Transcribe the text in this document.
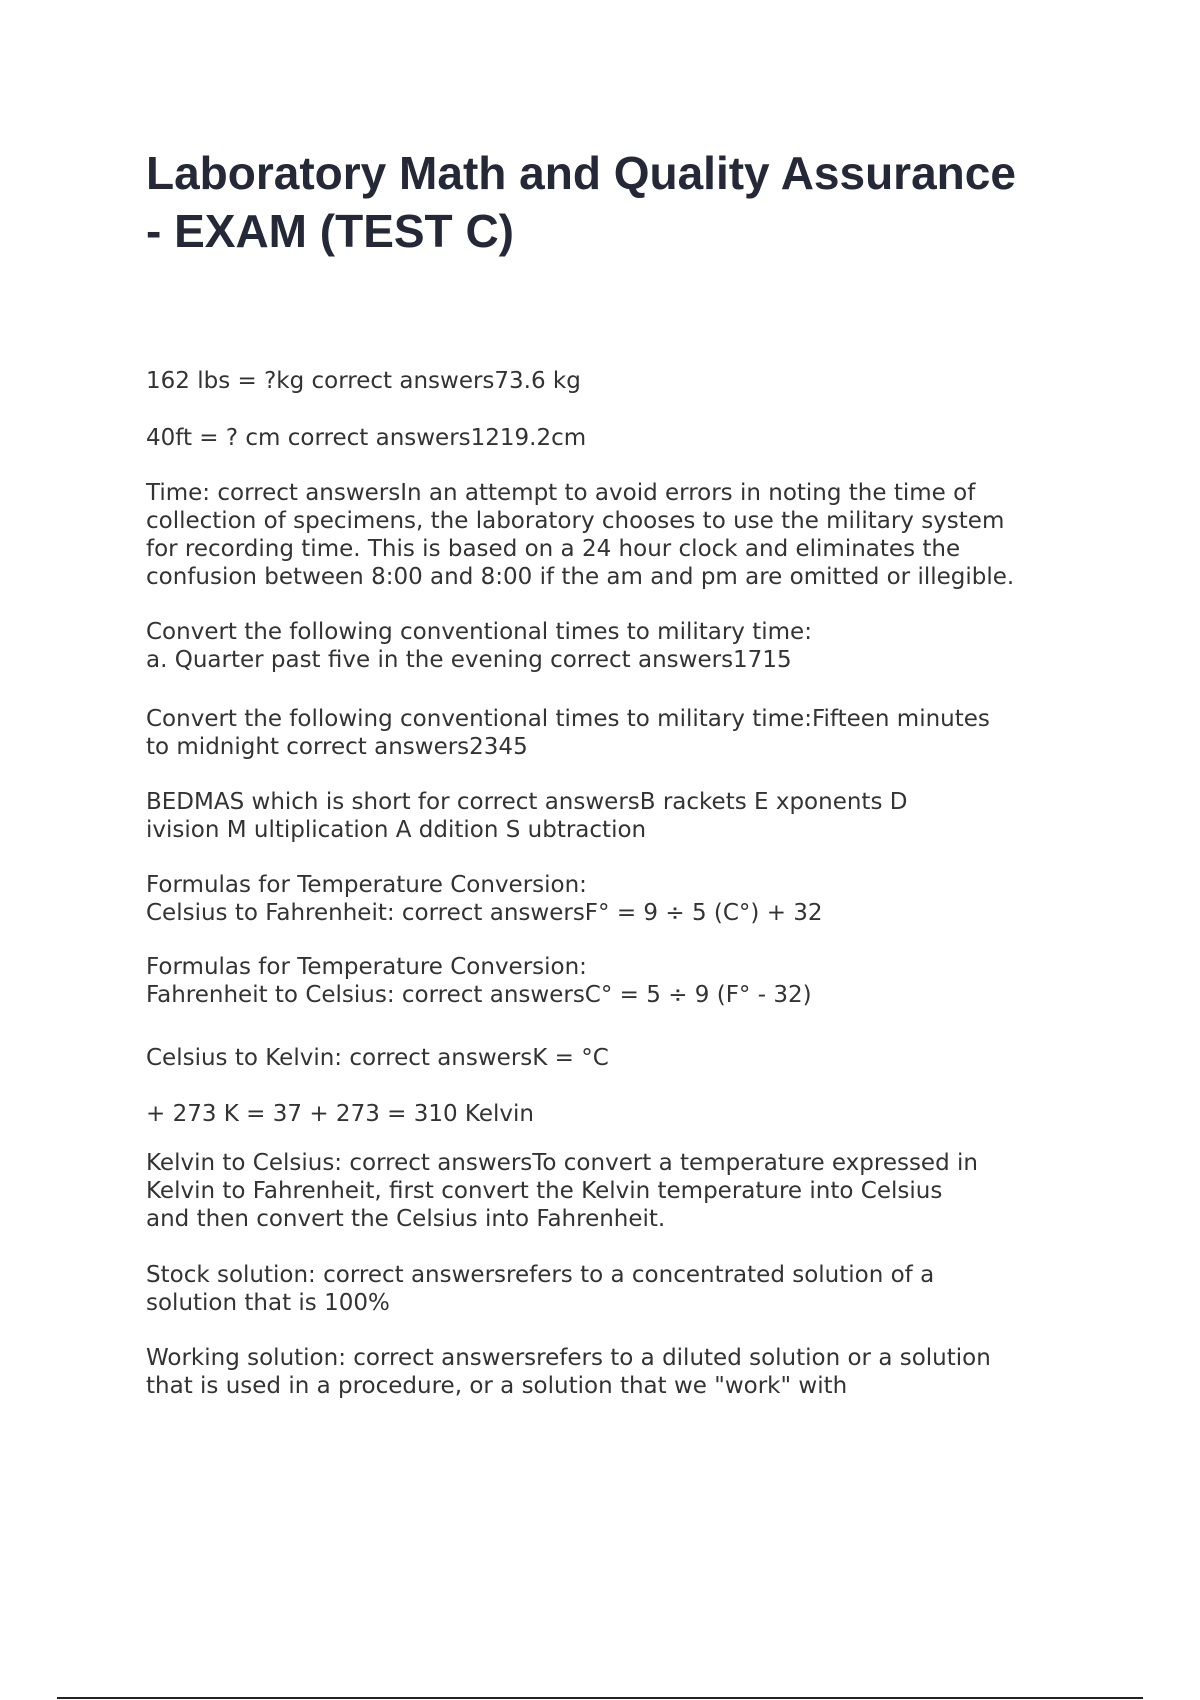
Laboratory Math and Quality Assurance
- EXAM (TEST C)
162 lbs = ?kg correct answers73.6 kg
40ft = ? cm correct answers1219.2cm
Time: correct answersIn an attempt to avoid errors in noting the time of
collection of specimens, the laboratory chooses to use the military system
for recording time. This is based on a 24 hour clock and eliminates the
confusion between 8:00 and 8:00 if the am and pm are omitted or illegible.
Convert the following conventional times to military time:
a. Quarter past five in the evening correct answers1715
Convert the following conventional times to military time:Fifteen minutes
to midnight correct answers2345
BEDMAS which is short for correct answersB rackets E xponents D
ivision M ultiplication A ddition S ubtraction
Formulas for Temperature Conversion:
Celsius to Fahrenheit: correct answersF° = 9 ÷ 5 (C°) + 32
Formulas for Temperature Conversion:
Fahrenheit to Celsius: correct answersC° = 5 ÷ 9 (F° - 32)
Celsius to Kelvin: correct answersK = °C
+ 273 K = 37 + 273 = 310 Kelvin
Kelvin to Celsius: correct answersTo convert a temperature expressed in
Kelvin to Fahrenheit, first convert the Kelvin temperature into Celsius
and then convert the Celsius into Fahrenheit.
Stock solution: correct answersrefers to a concentrated solution of a
solution that is 100%
Working solution: correct answersrefers to a diluted solution or a solution
that is used in a procedure, or a solution that we "work" with
